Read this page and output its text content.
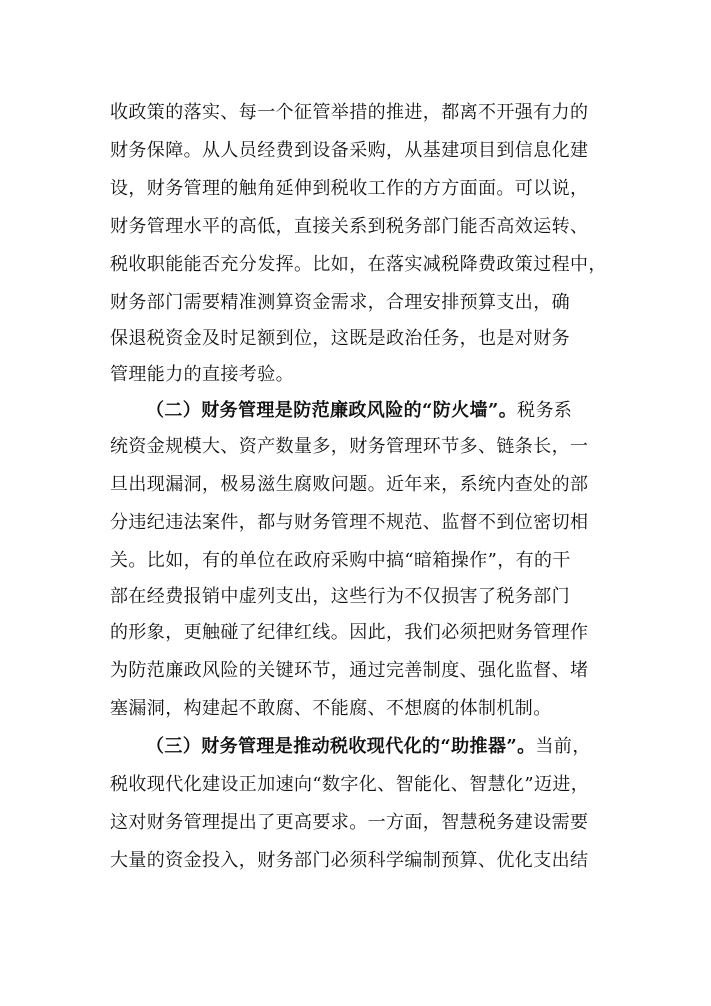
收政策的落实、每一个征管举措的推进，都离不开强有力的
财务保障。从人员经费到设备采购，从基建项目到信息化建
设，财务管理的触角延伸到税收工作的方方面面。可以说，
财务管理水平的高低，直接关系到税务部门能否高效运转、
税收职能能否充分发挥。比如，在落实减税降费政策过程中，
财务部门需要精准测算资金需求，合理安排预算支出，确
保退税资金及时足额到位，这既是政治任务，也是对财务
管理能力的直接考验。
（二）财务管理是防范廉政风险的“防火墙”。税务系
统资金规模大、资产数量多，财务管理环节多、链条长，一
旦出现漏洞，极易滋生腐败问题。近年来，系统内查处的部
分违纪违法案件，都与财务管理不规范、监督不到位密切相
关。比如，有的单位在政府采购中搞“暗箱操作”，有的干
部在经费报销中虚列支出，这些行为不仅损害了税务部门
的形象，更触碰了纪律红线。因此，我们必须把财务管理作
为防范廉政风险的关键环节，通过完善制度、强化监督、堵
塞漏洞，构建起不敢腐、不能腐、不想腐的体制机制。
（三）财务管理是推动税收现代化的“助推器”。当前，
税收现代化建设正加速向“数字化、智能化、智慧化”迈进，
这对财务管理提出了更高要求。一方面，智慧税务建设需要
大量的资金投入，财务部门必须科学编制预算、优化支出结
